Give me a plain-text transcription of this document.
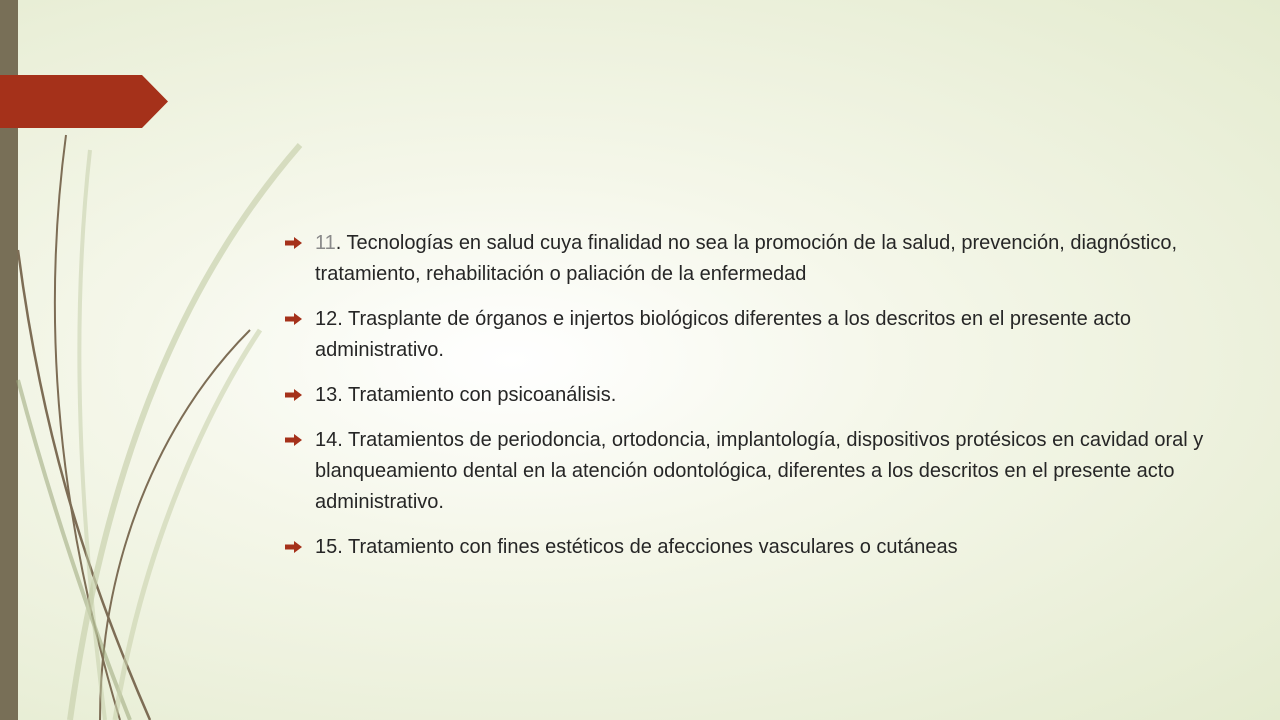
11. Tecnologías en salud cuya finalidad no sea la promoción de la salud, prevención, diagnóstico, tratamiento, rehabilitación o paliación de la enfermedad
12. Trasplante de órganos e injertos biológicos diferentes a los descritos en el presente acto administrativo.
13. Tratamiento con psicoanálisis.
14. Tratamientos de periodoncia, ortodoncia, implantología, dispositivos protésicos en cavidad oral y blanqueamiento dental en la atención odontológica, diferentes a los descritos en el presente acto administrativo.
15. Tratamiento con fines estéticos de afecciones vasculares o cutáneas
